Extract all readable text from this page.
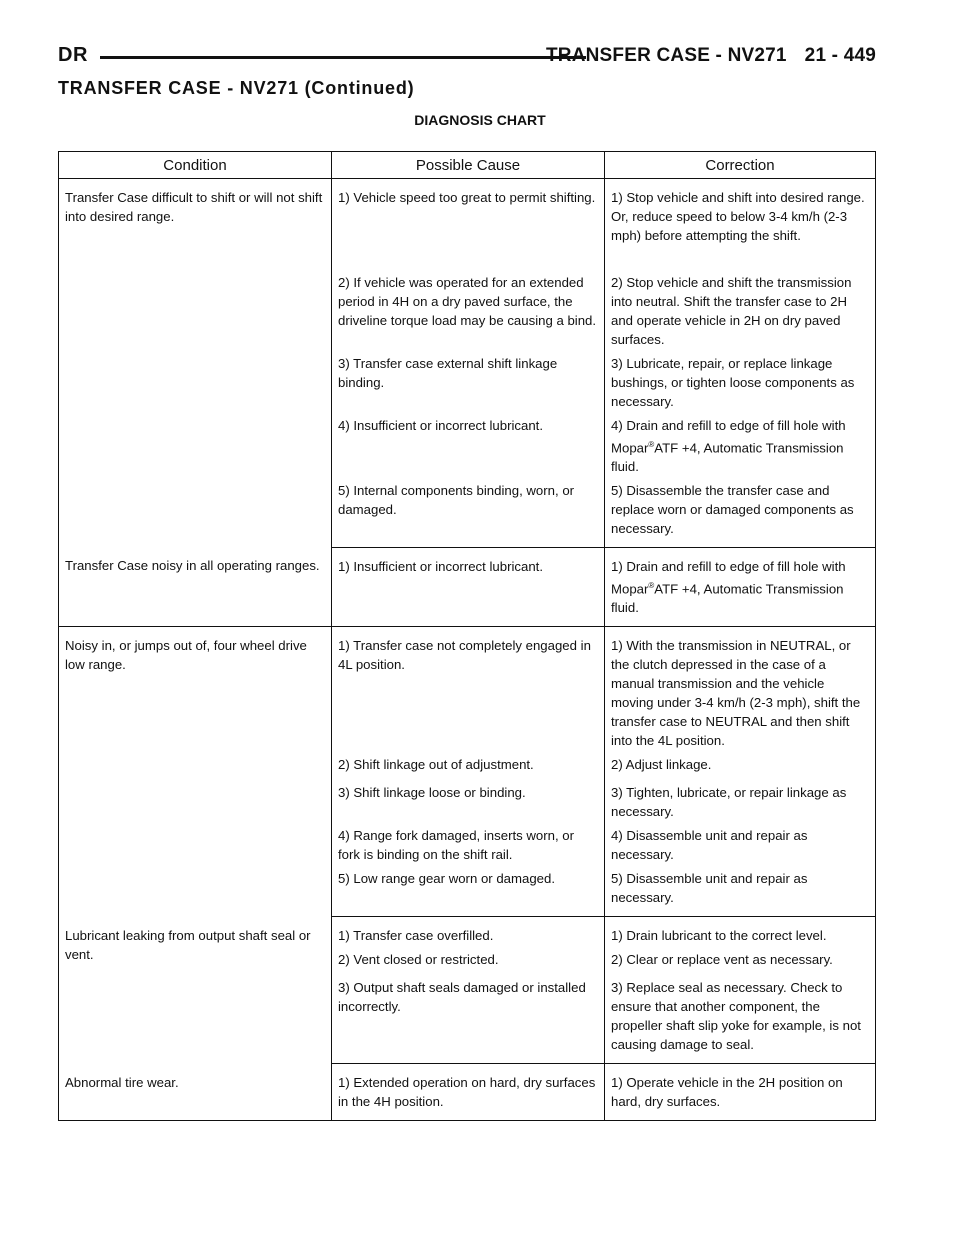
DR	TRANSFER CASE - NV271 21 - 449
TRANSFER CASE - NV271 (Continued)
DIAGNOSIS CHART
Condition	Possible Cause	Correction
Transfer Case difficult to shift or will not shift into desired range.	1) Vehicle speed too great to permit shifting.	1) Stop vehicle and shift into desired range. Or, reduce speed to below 3-4 km/h (2-3 mph) before attempting the shift.
	2) If vehicle was operated for an extended period in 4H on a dry paved surface, the driveline torque load may be causing a bind.	2) Stop vehicle and shift the transmission into neutral. Shift the transfer case to 2H and operate vehicle in 2H on dry paved surfaces.
	3) Transfer case external shift linkage binding.	3) Lubricate, repair, or replace linkage bushings, or tighten loose components as necessary.
	4) Insufficient or incorrect lubricant.	4) Drain and refill to edge of fill hole with Mopar®ATF +4, Automatic Transmission fluid.
	5) Internal components binding, worn, or damaged.	5) Disassemble the transfer case and replace worn or damaged components as necessary.
Transfer Case noisy in all operating ranges.	1) Insufficient or incorrect lubricant.	1) Drain and refill to edge of fill hole with Mopar®ATF +4, Automatic Transmission fluid.
Noisy in, or jumps out of, four wheel drive low range.	1) Transfer case not completely engaged in 4L position.	1) With the transmission in NEUTRAL, or the clutch depressed in the case of a manual transmission and the vehicle moving under 3-4 km/h (2-3 mph), shift the transfer case to NEUTRAL and then shift into the 4L position.
	2) Shift linkage out of adjustment.	2) Adjust linkage.
	3) Shift linkage loose or binding.	3) Tighten, lubricate, or repair linkage as necessary.
	4) Range fork damaged, inserts worn, or fork is binding on the shift rail.	4) Disassemble unit and repair as necessary.
	5) Low range gear worn or damaged.	5) Disassemble unit and repair as necessary.
Lubricant leaking from output shaft seal or vent.	1) Transfer case overfilled.	1) Drain lubricant to the correct level.
	2) Vent closed or restricted.	2) Clear or replace vent as necessary.
	3) Output shaft seals damaged or installed incorrectly.	3) Replace seal as necessary. Check to ensure that another component, the propeller shaft slip yoke for example, is not causing damage to seal.
Abnormal tire wear.	1) Extended operation on hard, dry surfaces in the 4H position.	1) Operate vehicle in the 2H position on hard, dry surfaces.
